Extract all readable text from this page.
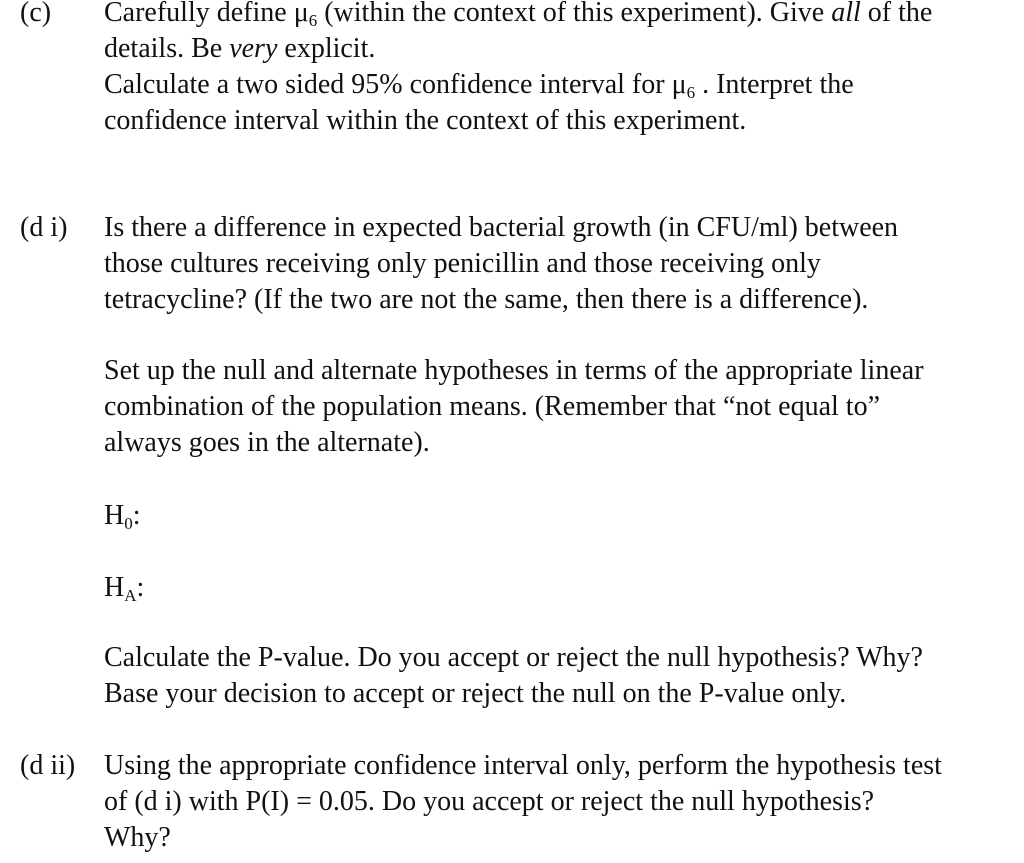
(c) Carefully define $\mu_6$ (within the context of this experiment). Give all of the
details. Be very explicit.
Calculate a two sided 95% confidence interval for $\mu_6$ . Interpret the
confidence interval within the context of this experiment.
(d i) Is there a difference in expected bacterial growth (in CFU/ml) between
those cultures receiving only penicillin and those receiving only
tetracycline? (If the two are not the same, then there is a difference).
Set up the null and alternate hypotheses in terms of the appropriate linear
combination of the population means. (Remember that “not equal to”
always goes in the alternate).
$H_0$:
$H_A$:
Calculate the P-value. Do you accept or reject the null hypothesis? Why?
Base your decision to accept or reject the null on the P-value only.
(d ii) Using the appropriate confidence interval only, perform the hypothesis test
of (d i) with P(I) = 0.05. Do you accept or reject the null hypothesis?
Why?
